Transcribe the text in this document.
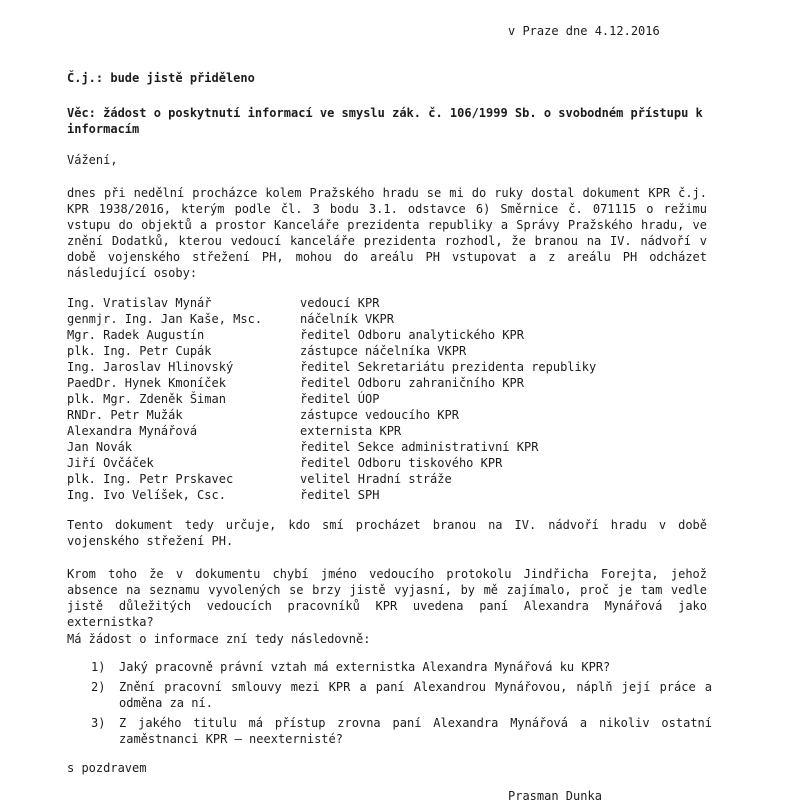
v Praze dne 4.12.2016

Č.j.: bude jistě přiděleno

Věc: žádost o poskytnutí informací ve smyslu zák. č. 106/1999 Sb. o svobodném přístupu k informacím

Vážení,

dnes při nedělní procházce kolem Pražského hradu se mi do ruky dostal dokument KPR č.j. KPR 1938/2016, kterým podle čl. 3 bodu 3.1. odstavce 6) Směrnice č. 071115 o režimu vstupu do objektů a prostor Kanceláře prezidenta republiky a Správy Pražského hradu, ve znění Dodatků, kterou vedoucí kanceláře prezidenta rozhodl, že branou na IV. nádvoří v době vojenského střežení PH, mohou do areálu PH vstupovat a z areálu PH odcházet následující osoby:

Ing. Vratislav Mynář	vedoucí KPR
genmjr. Ing. Jan Kaše, Msc.	náčelník VKPR
Mgr. Radek Augustín	ředitel Odboru analytického KPR
plk. Ing. Petr Cupák	zástupce náčelníka VKPR
Ing. Jaroslav Hlinovský	ředitel Sekretariátu prezidenta republiky
PaedDr. Hynek Kmoníček	ředitel Odboru zahraničního KPR
plk. Mgr. Zdeněk Šiman	ředitel ÚOP
RNDr. Petr Mužák	zástupce vedoucího KPR
Alexandra Mynářová	externista KPR
Jan Novák	ředitel Sekce administrativní KPR
Jiří Ovčáček	ředitel Odboru tiskového KPR
plk. Ing. Petr Prskavec	velitel Hradní stráže
Ing. Ivo Velíšek, Csc.	ředitel SPH

Tento dokument tedy určuje, kdo smí procházet branou na IV. nádvoří hradu v době vojenského střežení PH.

Krom toho že v dokumentu chybí jméno vedoucího protokolu Jindřicha Forejta, jehož absence na seznamu vyvolených se brzy jistě vyjasní, by mě zajímalo, proč je tam vedle jistě důležitých vedoucích pracovníků KPR uvedena paní Alexandra Mynářová jako externistka?

Má žádost o informace zní tedy následovně:

1) Jaký pracovně právní vztah má externistka Alexandra Mynářová ku KPR?
2) Znění pracovní smlouvy mezi KPR a paní Alexandrou Mynářovou, náplň její práce a odměna za ní.
3) Z jakého titulu má přístup zrovna paní Alexandra Mynářová a nikoliv ostatní zaměstnanci KPR – neexternisté?

s pozdravem

Prasman Dunka
